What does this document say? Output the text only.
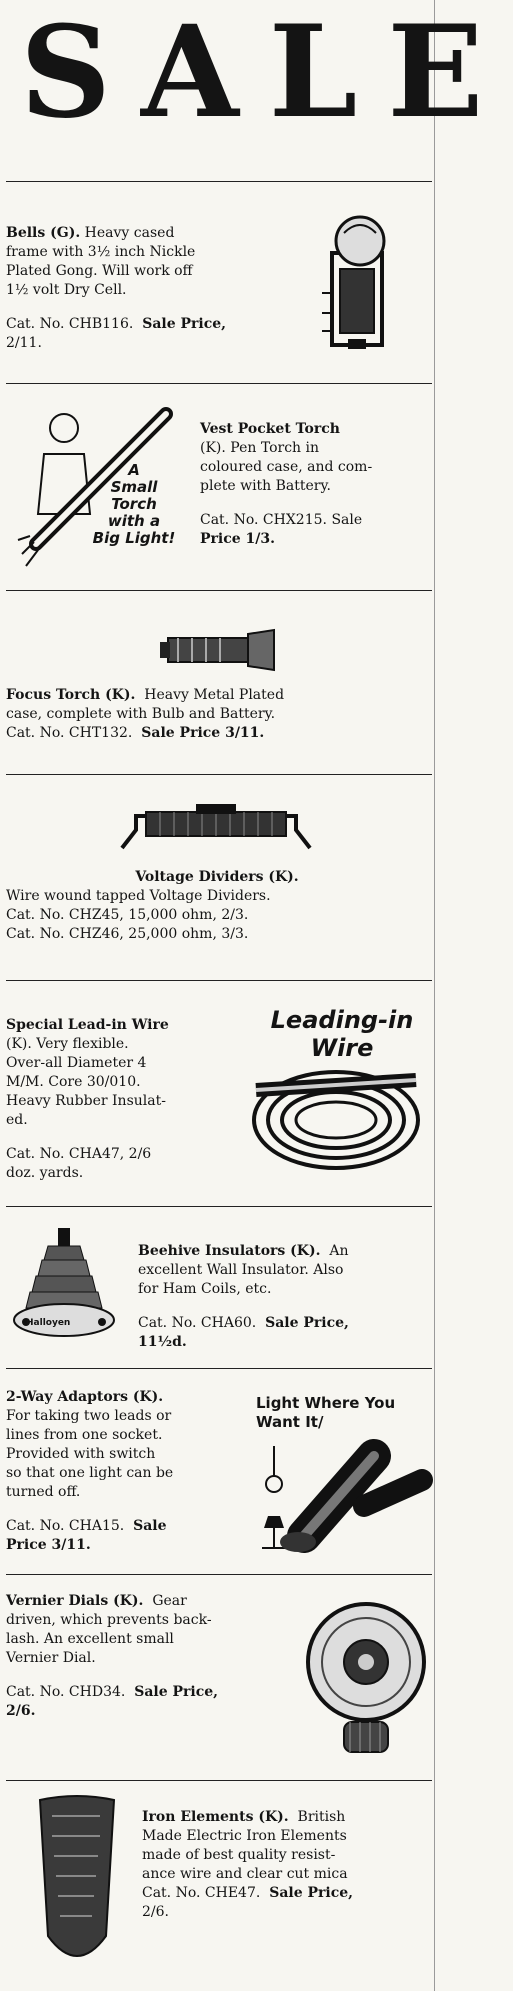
SALE

Bells (G). Heavy cased

frame with 3½ inch Nickle

Plated Gong. Will work off

1½ volt Dry Cell.

Cat. No. CHB116. Sale Price,

2/11.

A
Small
Torch
with a
Big Light!

Vest Pocket Torch

(K). Pen Torch in

coloured case, and com-

plete with Battery.

Cat. No. CHX215. Sale

Price 1/3.

Focus Torch (K). Heavy Metal Plated

case, complete with Bulb and Battery.

Cat. No. CHT132. Sale Price 3/11.

Voltage Dividers (K).

Wire wound tapped Voltage Dividers.

Cat. No. CHZ45, 15,000 ohm, 2/3.

Cat. No. CHZ46, 25,000 ohm, 3/3.

Special Lead-in Wire

(K). Very flexible.

Over-all Diameter 4

M/M. Core 30/010.

Heavy Rubber Insulat-

ed.

Cat. No. CHA47, 2/6

doz. yards.

Leading-in
Wire
Halloyen

Beehive Insulators (K). An

excellent Wall Insulator. Also

for Ham Coils, etc.

Cat. No. CHA60. Sale Price,

11½d.

2-Way Adaptors (K).

For taking two leads or

lines from one socket.

Provided with switch

so that one light can be

turned off.

Cat. No. CHA15. Sale

Price 3/11.

Light Where You
Want It/

Vernier Dials (K). Gear

driven, which prevents back-

lash. An excellent small

Vernier Dial.

Cat. No. CHD34. Sale Price,

2/6.

Iron Elements (K). British

Made Electric Iron Elements

made of best quality resist-

ance wire and clear cut mica

Cat. No. CHE47. Sale Price,

2/6.
